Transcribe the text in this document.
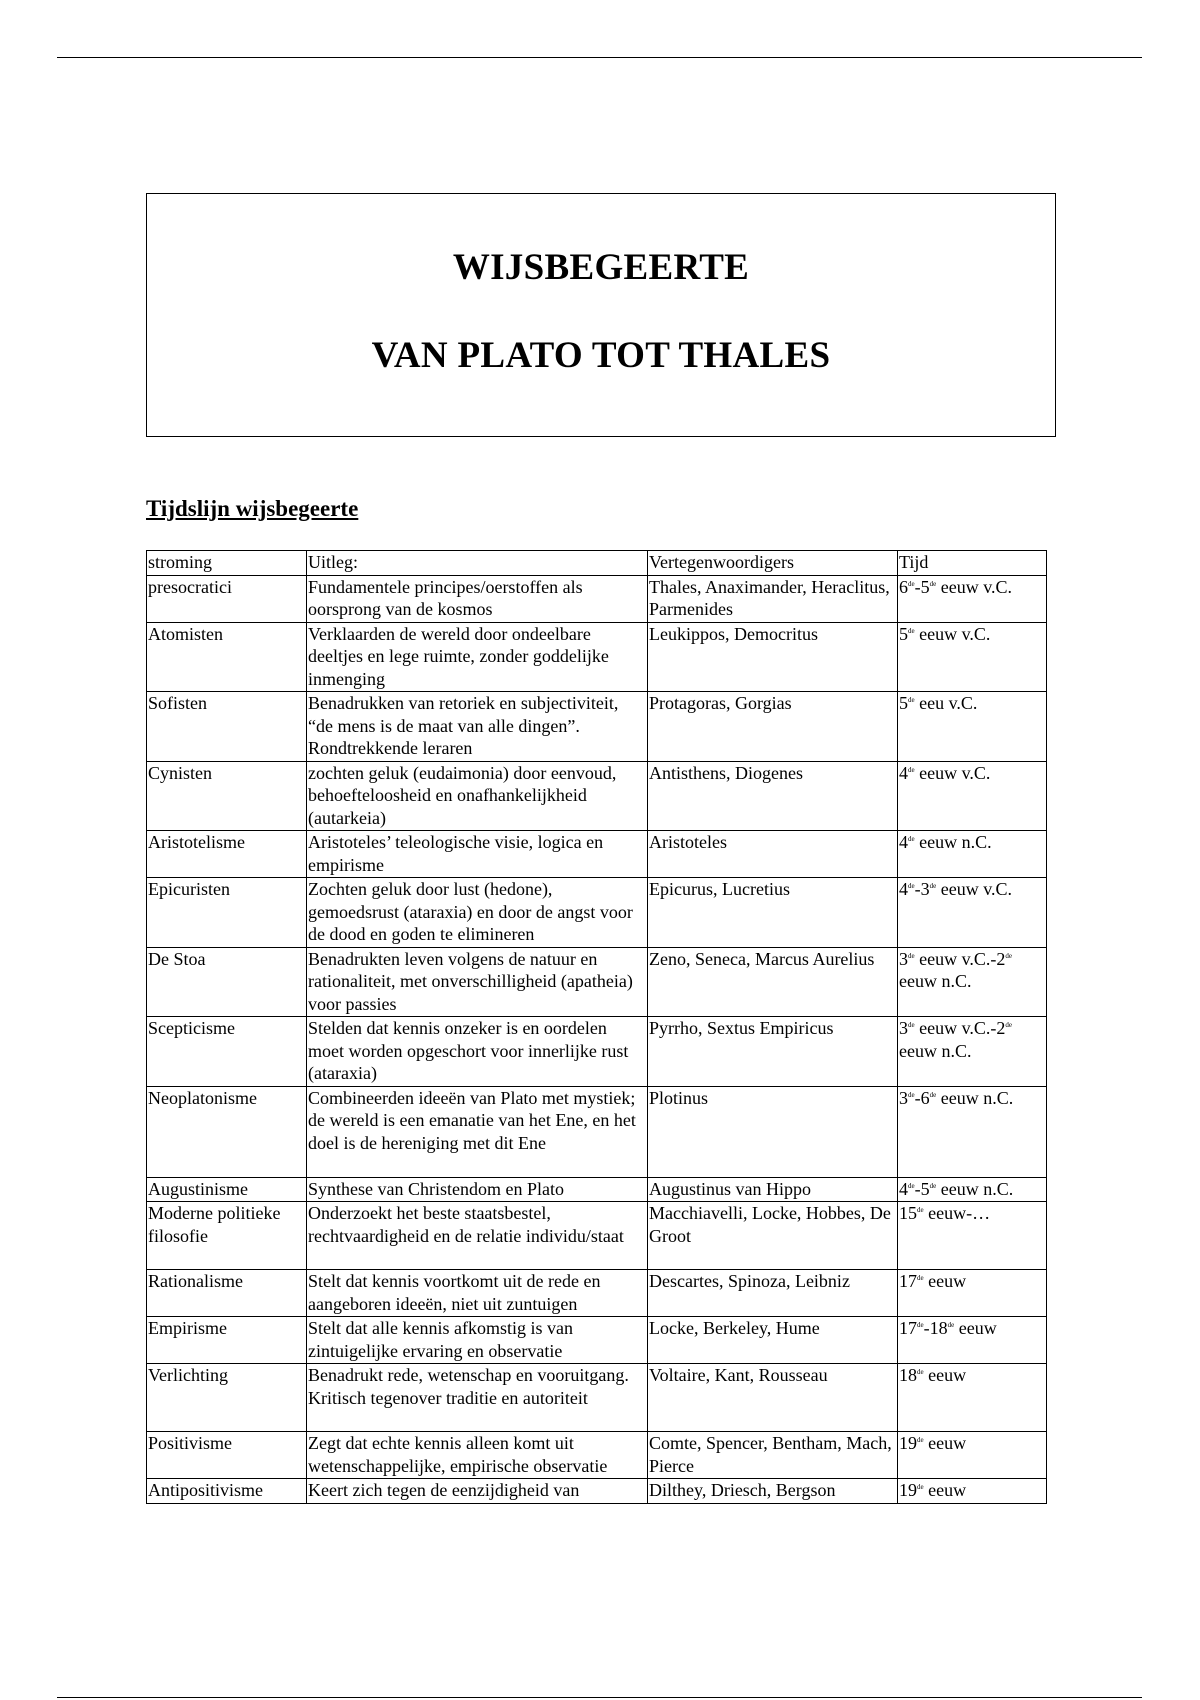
WIJSBEGEERTE
VAN PLATO TOT THALES
Tijdslijn wijsbegeerte
stroming	Uitleg:	Vertegenwoordigers	Tijd
presocratici	Fundamentele principes/oerstoffen als oorsprong van de kosmos	Thales, Anaximander, Heraclitus, Parmenides	6de-5de eeuw v.C.
Atomisten	Verklaarden de wereld door ondeelbare deeltjes en lege ruimte, zonder goddelijke inmenging	Leukippos, Democritus	5de eeuw v.C.
Sofisten	Benadrukken van retoriek en subjectiviteit, “de mens is de maat van alle dingen”. Rondtrekkende leraren	Protagoras, Gorgias	5de eeu v.C.
Cynisten	zochten geluk (eudaimonia) door eenvoud, behoefteloosheid en onafhankelijkheid (autarkeia)	Antisthens, Diogenes	4de eeuw v.C.
Aristotelisme	Aristoteles’ teleologische visie, logica en empirisme	Aristoteles	4de eeuw n.C.
Epicuristen	Zochten geluk door lust (hedone), gemoedsrust (ataraxia) en door de angst voor de dood en goden te elimineren	Epicurus, Lucretius	4de-3de eeuw v.C.
De Stoa	Benadrukten leven volgens de natuur en rationaliteit, met onverschilligheid (apatheia) voor passies	Zeno, Seneca, Marcus Aurelius	3de eeuw v.C.-2de eeuw n.C.
Scepticisme	Stelden dat kennis onzeker is en oordelen moet worden opgeschort voor innerlijke rust (ataraxia)	Pyrrho, Sextus Empiricus	3de eeuw v.C.-2de eeuw n.C.
Neoplatonisme	Combineerden ideeën van Plato met mystiek; de wereld is een emanatie van het Ene, en het doel is de hereniging met dit Ene	Plotinus	3de-6de eeuw n.C.
Augustinisme	Synthese van Christendom en Plato	Augustinus van Hippo	4de-5de eeuw n.C.
Moderne politieke filosofie	Onderzoekt het beste staatsbestel, rechtvaardigheid en de relatie individu/staat	Macchiavelli, Locke, Hobbes, De Groot	15de eeuw-…
Rationalisme	Stelt dat kennis voortkomt uit de rede en aangeboren ideeën, niet uit zuntuigen	Descartes, Spinoza, Leibniz	17de eeuw
Empirisme	Stelt dat alle kennis afkomstig is van zintuigelijke ervaring en observatie	Locke, Berkeley, Hume	17de-18de eeuw
Verlichting	Benadrukt rede, wetenschap en vooruitgang. Kritisch tegenover traditie en autoriteit	Voltaire, Kant, Rousseau	18de eeuw
Positivisme	Zegt dat echte kennis alleen komt uit wetenschappelijke, empirische observatie	Comte, Spencer, Bentham, Mach, Pierce	19de eeuw
Antipositivisme	Keert zich tegen de eenzijdigheid van	Dilthey, Driesch, Bergson	19de eeuw
